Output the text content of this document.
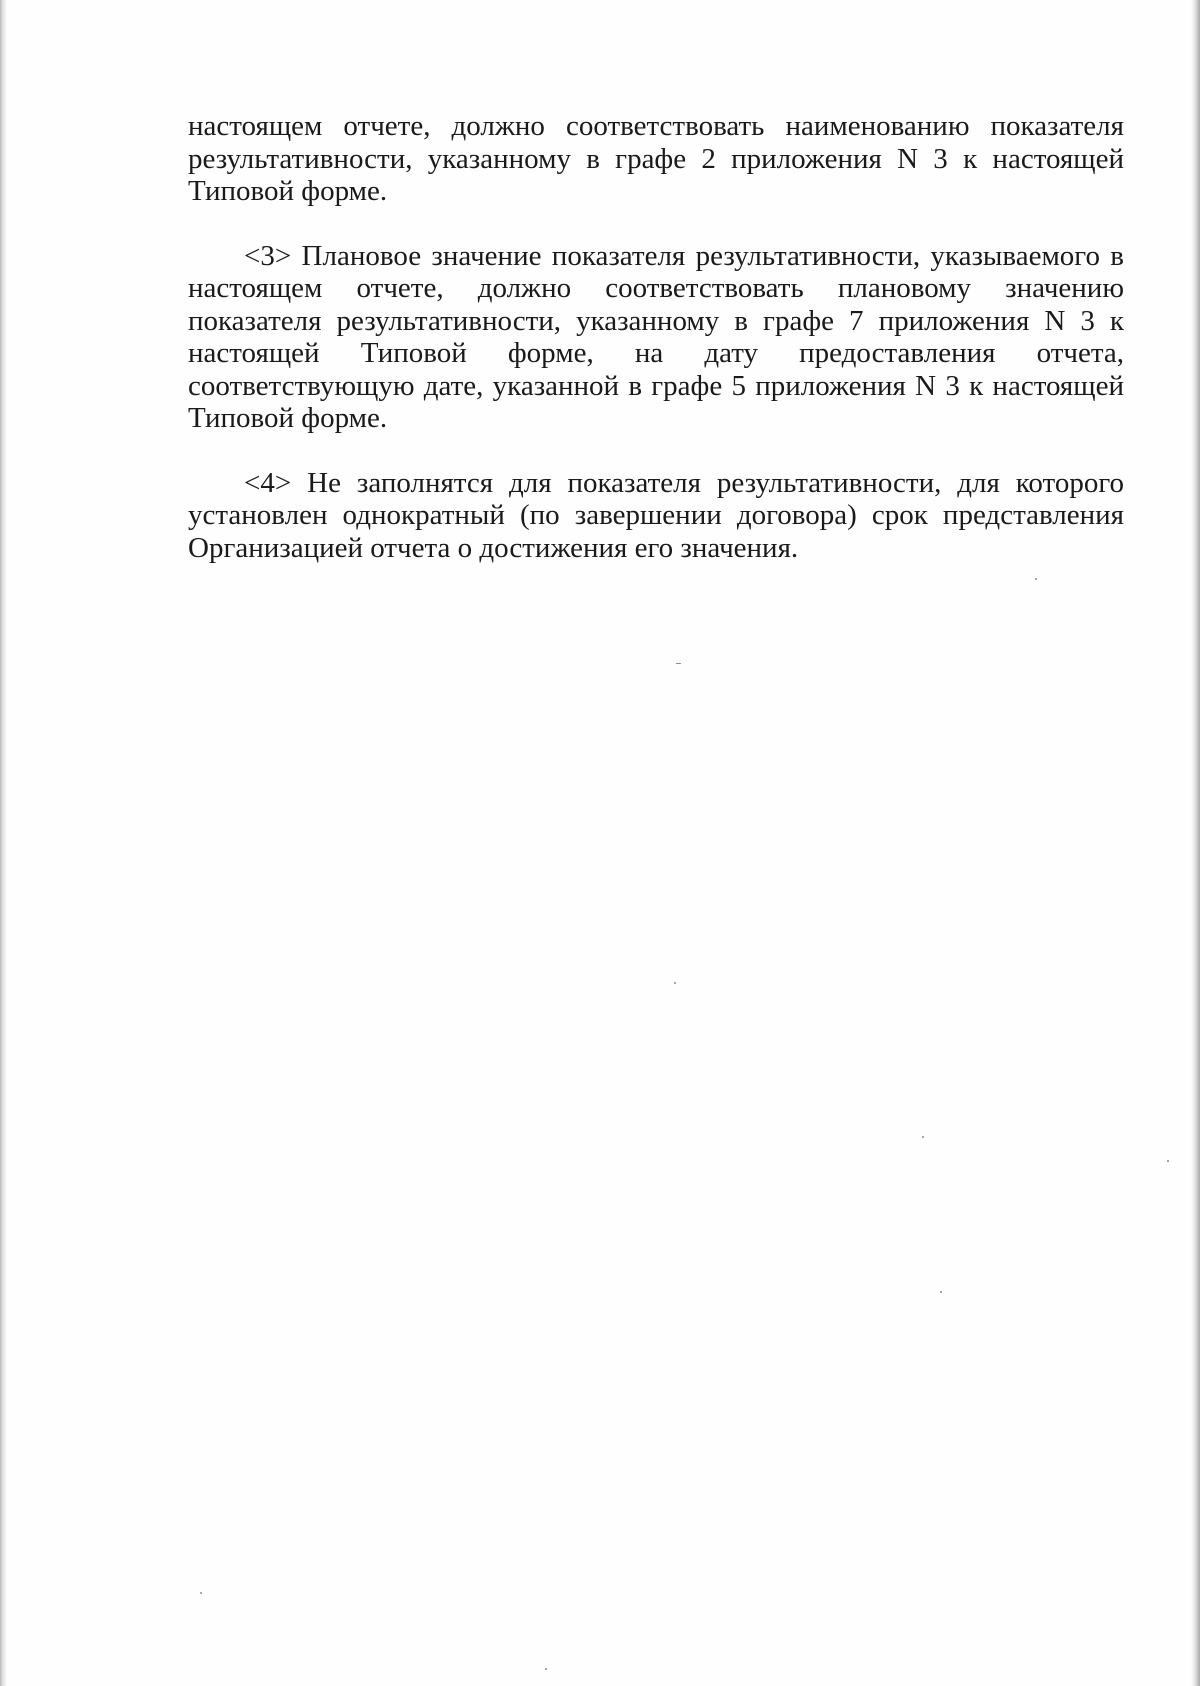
настоящем отчете, должно соответствовать наименованию показателя результативности, указанному в графе 2 приложения N 3 к настоящей Типовой форме.

<3> Плановое значение показателя результативности, указываемого в настоящем отчете, должно соответствовать плановому значению показателя результативности, указанному в графе 7 приложения N 3 к настоящей Типовой форме, на дату предоставления отчета, соответствующую дате, указанной в графе 5 приложения N 3 к настоящей Типовой форме.

<4> Не заполнятся для показателя результативности, для которого установлен однократный (по завершении договора) срок представления Организацией отчета о достижения его значения.
